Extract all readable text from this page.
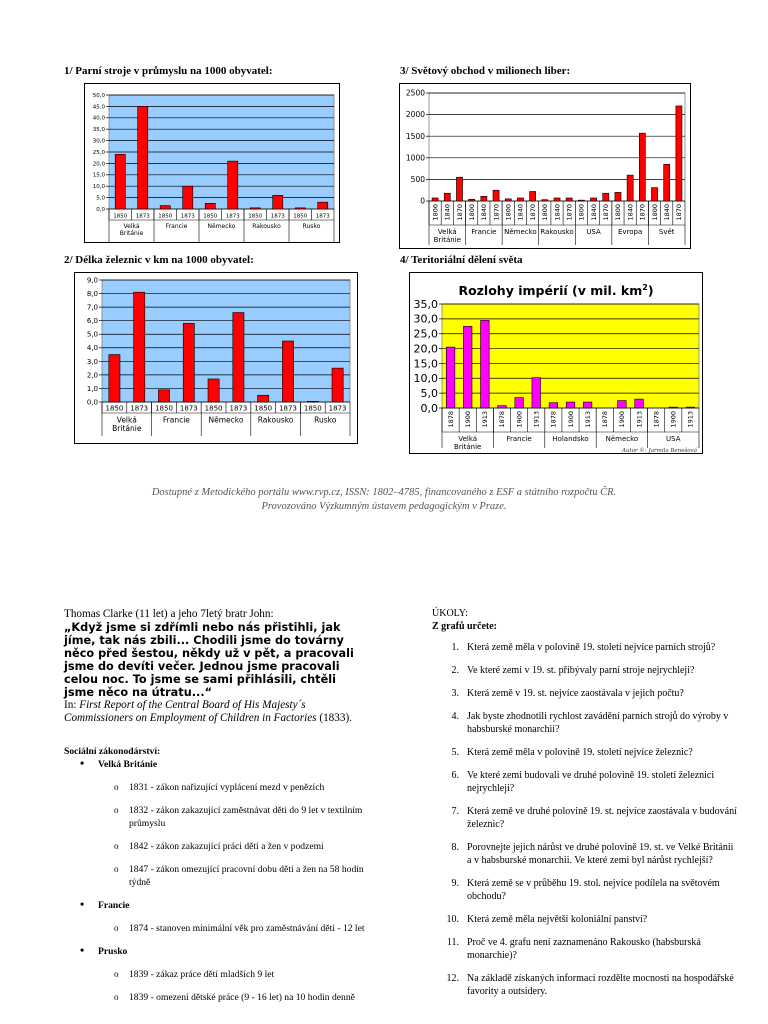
1/ Parní stroje v průmyslu na 1000 obyvatel:	3/ Světový obchod v milionech liber:
2/ Délka železnic v km na 1000 obyvatel:	4/ Teritoriální dělení světa
0,0
5,0
10,0
15,0
20,0
25,0
30,0
35,0
40,0
45,0
50,0
1850 1873 1850 1873 1850 1873 1850 1873 1850 1873
Velká
Británie
Francie	Německo	Rakousko	Rusko
0
500
1000
1500
2000
2500
1800 1840 1870 1800 1840 1870 1800 1840 1870 1800 1840 1870 1800 1840 1870 1800 1840 1870 1800 1840 1870
Velká
Británie
Francie Německo Rakousko USA Evropa Svět
0,0
1,0
2,0
3,0
4,0
5,0
6,0
7,0
8,0
9,0
1850 1873 1850 1873 1850 1873 1850 1873 1850 1873
Velká
Británie
Francie Německo Rakousko	Rusko
Rozlohy impérií (v mil. $km^2$)
0,0
5,0
10,0
15,0
20,0
25,0
30,0
35,0
1878 1900 1913 1878 1900 1913 1878 1900 1913 1878 1900 1913 1878 1900 1913
Velká
Británie
Francie	Holandsko Německo	USA
Autor ©: Jarmila Benešová
Dostupné z Metodického portálu www.rvp.cz, ISSN: 1802–4785, financovaného z ESF a státního rozpočtu ČR.
Provozováno Výzkumným ústavem pedagogickým v Praze.
Thomas Clarke (11 let) a jeho 7letý bratr John:
„Když jsme si zdřímli nebo nás přistihli, jak jíme, tak nás zbili... Chodili jsme do továrny něco před šestou, někdy už v pět, a pracovali jsme do devíti večer. Jednou jsme pracovali celou noc. To jsme se sami přihlásili, chtěli jsme něco na útratu...“
In: First Report of the Central Board of His Majesty´s Commissioners on Employment of Children in Factories (1833).
Sociální zákonodárství:
• Velká Británie
o 1831 - zákon nařizující vyplácení mezd v penězích
o 1832 - zákon zakazující zaměstnávat děti do 9 let v textilním průmyslu
o 1842 - zákon zakazující práci dětí a žen v podzemí
o 1847 - zákon omezující pracovní dobu dětí a žen na 58 hodin týdně
• Francie
o 1874 - stanoven minimální věk pro zaměstnávání dětí - 12 let
• Prusko
o 1839 - zákaz práce dětí mladších 9 let
o 1839 - omezení dětské práce (9 - 16 let) na 10 hodin denně
ÚKOLY:
Z grafů určete:
1. Která země měla v polovině 19. století nejvíce parních strojů?
2. Ve které zemi v 19. st. přibývaly parní stroje nejrychleji?
3. Která země v 19. st. nejvíce zaostávala v jejich počtu?
4. Jak byste zhodnotili rychlost zavádění parních strojů do výroby v habsburské monarchii?
5. Která země měla v polovině 19. století nejvíce železnic?
6. Ve které zemi budovali ve druhé polovině 19. století železnici nejrychleji?
7. Která země ve druhé polovině 19. st. nejvíce zaostávala v budování železnic?
8. Porovnejte jejich nárůst ve druhé polovině 19. st. ve Velké Británii a v habsburské monarchii. Ve které zemi byl nárůst rychlejší?
9. Která země se v průběhu 19. stol. nejvíce podílela na světovém obchodu?
10. Která země měla největší koloniální panství?
11. Proč ve 4. grafu není zaznamenáno Rakousko (habsburská monarchie)?
12. Na základě získaných informací rozdělte mocnosti na hospodářské favority a outsidery.
